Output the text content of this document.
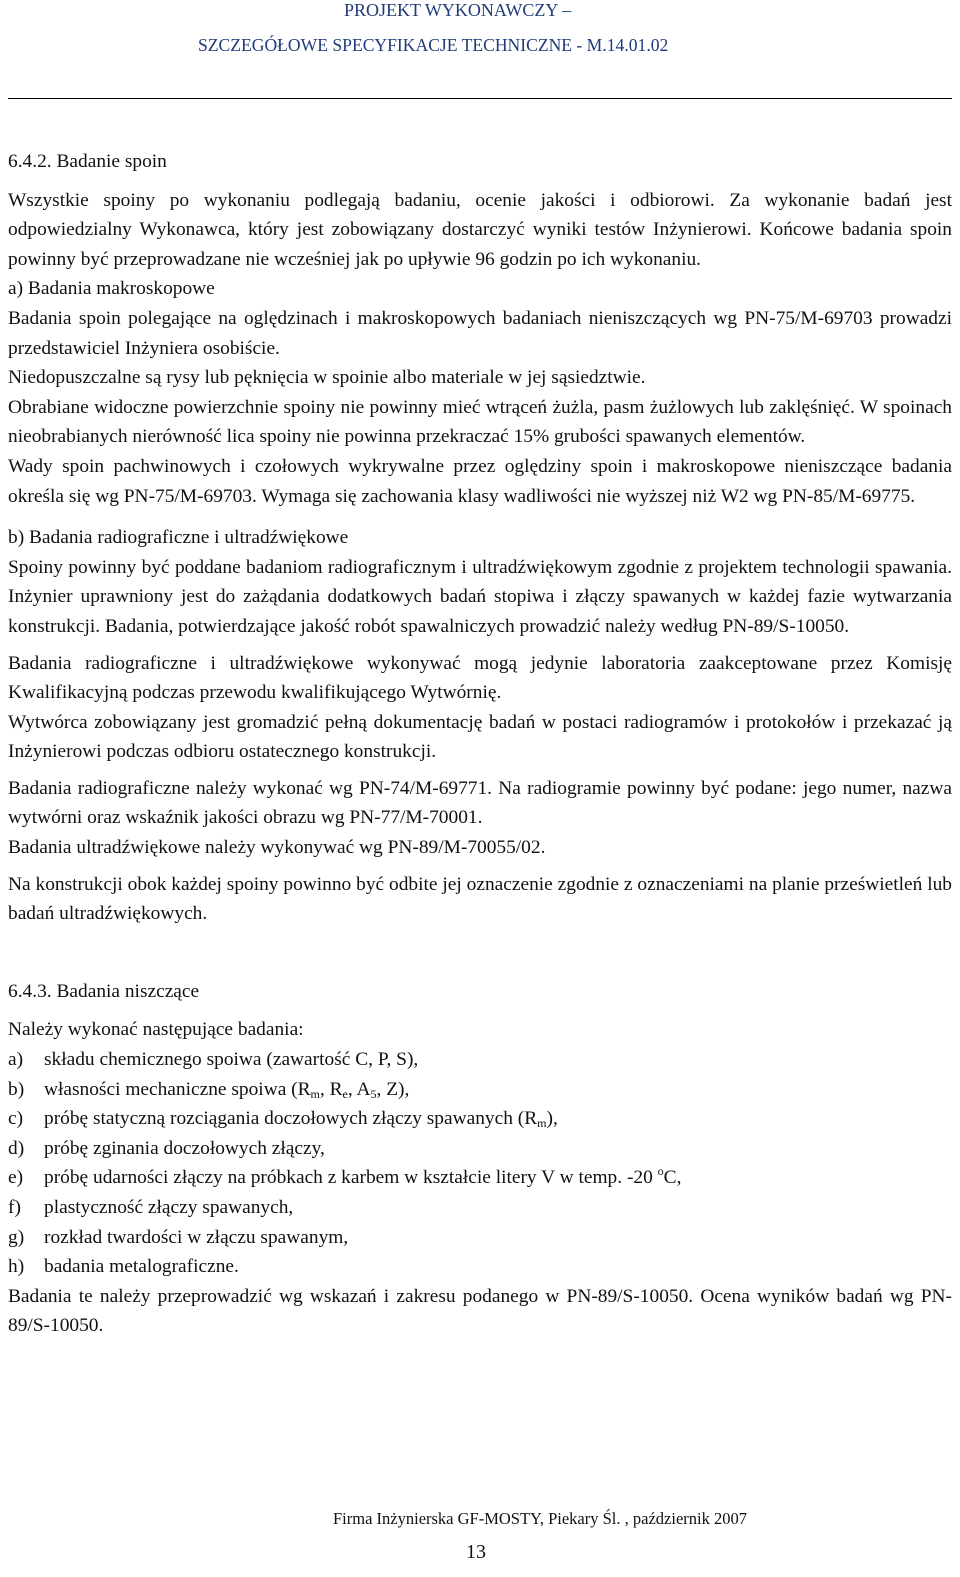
PROJEKT WYKONAWCZY –
SZCZEGÓŁOWE SPECYFIKACJE TECHNICZNE - M.14.01.02

6.4.2. Badanie spoin

Wszystkie spoiny po wykonaniu podlegają badaniu, ocenie jakości i odbiorowi. Za wykonanie badań jest odpowiedzialny Wykonawca, który jest zobowiązany dostarczyć wyniki testów Inżynierowi. Końcowe badania spoin powinny być przeprowadzane nie wcześniej jak po upływie 96 godzin po ich wykonaniu.

a) Badania makroskopowe

Badania spoin polegające na oględzinach i makroskopowych badaniach nieniszczących wg PN-75/M-69703 prowadzi przedstawiciel Inżyniera osobiście.

Niedopuszczalne są rysy lub pęknięcia w spoinie albo materiale w jej sąsiedztwie.

Obrabiane widoczne powierzchnie spoiny nie powinny mieć wtrąceń żużla, pasm żużlowych lub zaklęśnięć. W spoinach nieobrabianych nierówność lica spoiny nie powinna przekraczać 15% grubości spawanych elementów.

Wady spoin pachwinowych i czołowych wykrywalne przez oględziny spoin i makroskopowe nieniszczące badania określa się wg PN-75/M-69703. Wymaga się zachowania klasy wadliwości nie wyższej niż W2 wg PN-85/M-69775.

b) Badania radiograficzne i ultradźwiękowe

Spoiny powinny być poddane badaniom radiograficznym i ultradźwiękowym zgodnie z projektem technologii spawania. Inżynier uprawniony jest do zażądania dodatkowych badań stopiwa i złączy spawanych w każdej fazie wytwarzania konstrukcji. Badania, potwierdzające jakość robót spawalniczych prowadzić należy według PN-89/S-10050.

Badania radiograficzne i ultradźwiękowe wykonywać mogą jedynie laboratoria zaakceptowane przez Komisję Kwalifikacyjną podczas przewodu kwalifikującego Wytwórnię.

Wytwórca zobowiązany jest gromadzić pełną dokumentację badań w postaci radiogramów i protokołów i przekazać ją Inżynierowi podczas odbioru ostatecznego konstrukcji.

Badania radiograficzne należy wykonać wg PN-74/M-69771. Na radiogramie powinny być podane: jego numer, nazwa wytwórni oraz wskaźnik jakości obrazu wg PN-77/M-70001.

Badania ultradźwiękowe należy wykonywać wg PN-89/M-70055/02.

Na konstrukcji obok każdej spoiny powinno być odbite jej oznaczenie zgodnie z oznaczeniami na planie prześwietleń lub badań ultradźwiękowych.

6.4.3. Badania niszczące

Należy wykonać następujące badania:

a)	składu chemicznego spoiwa (zawartość C, P, S),
b)	własności mechaniczne spoiwa ($R_m$, $R_e$, $A_5$, Z),
c)	próbę statyczną rozciągania doczołowych złączy spawanych $(R_m)$,
d)	próbę zginania doczołowych złączy,
e)	próbę udarności złączy na próbkach z karbem w kształcie litery V w temp. -20 $^o$C,
f)	plastyczność złączy spawanych,
g)	rozkład twardości w złączu spawanym,
h)	badania metalograficzne.

Badania te należy przeprowadzić wg wskazań i zakresu podanego w PN-89/S-10050. Ocena wyników badań wg PN-89/S-10050.

Firma Inżynierska GF-MOSTY, Piekary Śl. , październik 2007
13
